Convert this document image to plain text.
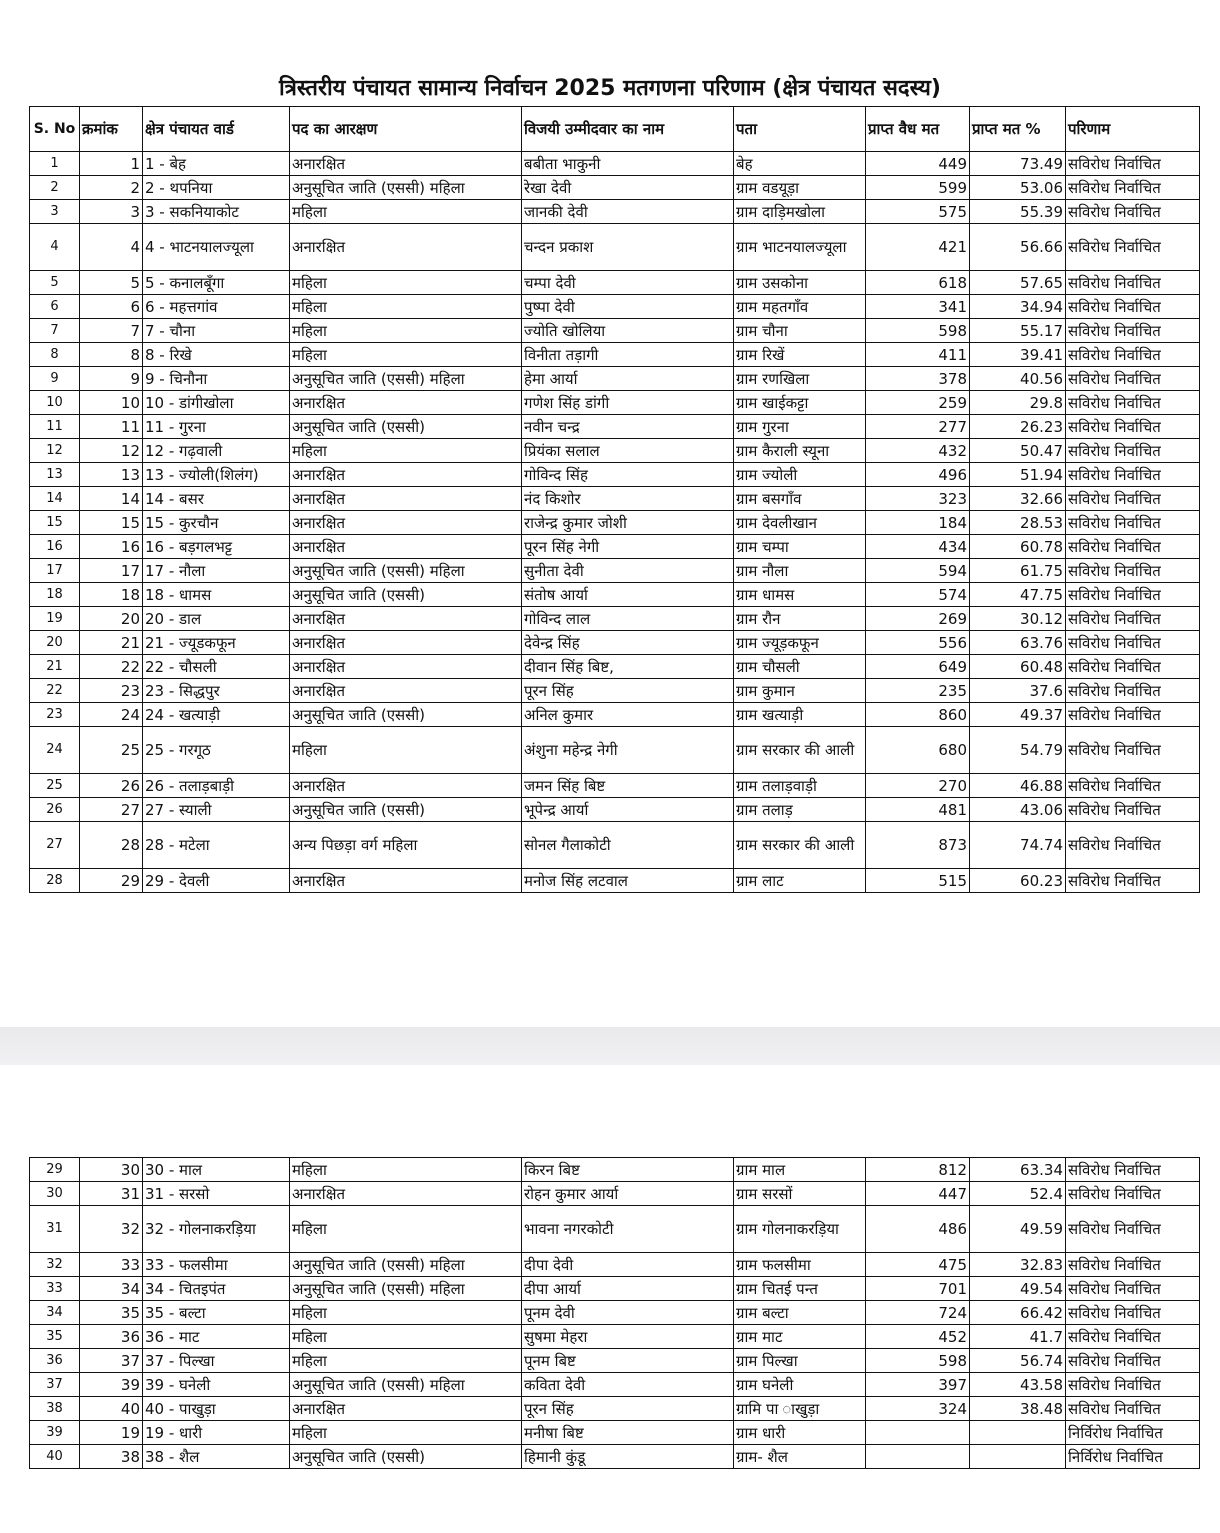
त्रिस्तरीय पंचायत सामान्य निर्वाचन 2025 मतगणना परिणाम (क्षेत्र पंचायत सदस्य)
S. No	क्रमांक	क्षेत्र पंचायत वार्ड	पद का आरक्षण	विजयी उम्मीदवार का नाम	पता	प्राप्त वैध मत	प्राप्त मत %	परिणाम
1	1	1 - बेह	अनारक्षित	बबीता भाकुनी	बेह	449	73.49	सविरोध निर्वाचित
2	2	2 - थपनिया	अनुसूचित जाति (एससी) महिला	रेखा देवी	ग्राम वडयूड़ा	599	53.06	सविरोध निर्वाचित
3	3	3 - सकनियाकोट	महिला	जानकी देवी	ग्राम दाड़िमखोला	575	55.39	सविरोध निर्वाचित
4	4	4 - भाटनयालज्यूला	अनारक्षित	चन्दन प्रकाश	ग्राम भाटनयालज्यूला	421	56.66	सविरोध निर्वाचित
5	5	5 - कनालबूँगा	महिला	चम्पा देवी	ग्राम उसकोना	618	57.65	सविरोध निर्वाचित
6	6	6 - महत्तगांव	महिला	पुष्पा देवी	ग्राम महतगाँव	341	34.94	सविरोध निर्वाचित
7	7	7 - चौना	महिला	ज्योति खोलिया	ग्राम चौना	598	55.17	सविरोध निर्वाचित
8	8	8 - रिखे	महिला	विनीता तड़ागी	ग्राम रिखें	411	39.41	सविरोध निर्वाचित
9	9	9 - चिनौना	अनुसूचित जाति (एससी) महिला	हेमा आर्या	ग्राम रणखिला	378	40.56	सविरोध निर्वाचित
10	10	10 - डांगीखोला	अनारक्षित	गणेश सिंह डांगी	ग्राम खाईकट्टा	259	29.8	सविरोध निर्वाचित
11	11	11 - गुरना	अनुसूचित जाति (एससी)	नवीन चन्द्र	ग्राम गुरना	277	26.23	सविरोध निर्वाचित
12	12	12 - गढ़वाली	महिला	प्रियंका सलाल	ग्राम कैराली स्यूना	432	50.47	सविरोध निर्वाचित
13	13	13 - ज्योली(शिलंग)	अनारक्षित	गोविन्द सिंह	ग्राम ज्योली	496	51.94	सविरोध निर्वाचित
14	14	14 - बसर	अनारक्षित	नंद किशोर	ग्राम बसगाँव	323	32.66	सविरोध निर्वाचित
15	15	15 - कुरचौन	अनारक्षित	राजेन्द्र कुमार जोशी	ग्राम देवलीखान	184	28.53	सविरोध निर्वाचित
16	16	16 - बड़गलभट्ट	अनारक्षित	पूरन सिंह नेगी	ग्राम चम्पा	434	60.78	सविरोध निर्वाचित
17	17	17 - नौला	अनुसूचित जाति (एससी) महिला	सुनीता देवी	ग्राम नौला	594	61.75	सविरोध निर्वाचित
18	18	18 - धामस	अनुसूचित जाति (एससी)	संतोष आर्या	ग्राम धामस	574	47.75	सविरोध निर्वाचित
19	20	20 - डाल	अनारक्षित	गोविन्द लाल	ग्राम रौन	269	30.12	सविरोध निर्वाचित
20	21	21 - ज्यूडकफून	अनारक्षित	देवेन्द्र सिंह	ग्राम ज्यूड़कफून	556	63.76	सविरोध निर्वाचित
21	22	22 - चौसली	अनारक्षित	दीवान सिंह बिष्ट,	ग्राम चौसली	649	60.48	सविरोध निर्वाचित
22	23	23 - सिद्धपुर	अनारक्षित	पूरन सिंह	ग्राम कुमान	235	37.6	सविरोध निर्वाचित
23	24	24 - खत्याड़ी	अनुसूचित जाति (एससी)	अनिल कुमार	ग्राम खत्याड़ी	860	49.37	सविरोध निर्वाचित
24	25	25 - गरगूठ	महिला	अंशुना महेन्द्र नेगी	ग्राम सरकार की आली	680	54.79	सविरोध निर्वाचित
25	26	26 - तलाड़बाड़ी	अनारक्षित	जमन सिंह बिष्ट	ग्राम तलाड़वाड़ी	270	46.88	सविरोध निर्वाचित
26	27	27 - स्याली	अनुसूचित जाति (एससी)	भूपेन्द्र आर्या	ग्राम तलाड़	481	43.06	सविरोध निर्वाचित
27	28	28 - मटेला	अन्य पिछड़ा वर्ग महिला	सोनल गैलाकोटी	ग्राम सरकार की आली	873	74.74	सविरोध निर्वाचित
28	29	29 - देवली	अनारक्षित	मनोज सिंह लटवाल	ग्राम लाट	515	60.23	सविरोध निर्वाचित
29	30	30 - माल	महिला	किरन बिष्ट	ग्राम माल	812	63.34	सविरोध निर्वाचित
30	31	31 - सरसो	अनारक्षित	रोहन कुमार आर्या	ग्राम सरसों	447	52.4	सविरोध निर्वाचित
31	32	32 - गोलनाकरड़िया	महिला	भावना नगरकोटी	ग्राम गोलनाकरड़िया	486	49.59	सविरोध निर्वाचित
32	33	33 - फलसीमा	अनुसूचित जाति (एससी) महिला	दीपा देवी	ग्राम फलसीमा	475	32.83	सविरोध निर्वाचित
33	34	34 - चितइपंत	अनुसूचित जाति (एससी) महिला	दीपा आर्या	ग्राम चितई पन्त	701	49.54	सविरोध निर्वाचित
34	35	35 - बल्टा	महिला	पूनम देवी	ग्राम बल्टा	724	66.42	सविरोध निर्वाचित
35	36	36 - माट	महिला	सुषमा मेहरा	ग्राम माट	452	41.7	सविरोध निर्वाचित
36	37	37 - पिल्खा	महिला	पूनम बिष्ट	ग्राम पिल्खा	598	56.74	सविरोध निर्वाचित
37	39	39 - घनेली	अनुसूचित जाति (एससी) महिला	कविता देवी	ग्राम घनेली	397	43.58	सविरोध निर्वाचित
38	40	40 - पाखुड़ा	अनारक्षित	पूरन सिंह	ग्रामि पा ाखुड़ा	324	38.48	सविरोध निर्वाचित
39	19	19 - धारी	महिला	मनीषा बिष्ट	ग्राम धारी			निर्विरोध निर्वाचित
40	38	38 - शैल	अनुसूचित जाति (एससी)	हिमानी कुंडू	ग्राम- शैल			निर्विरोध निर्वाचित
